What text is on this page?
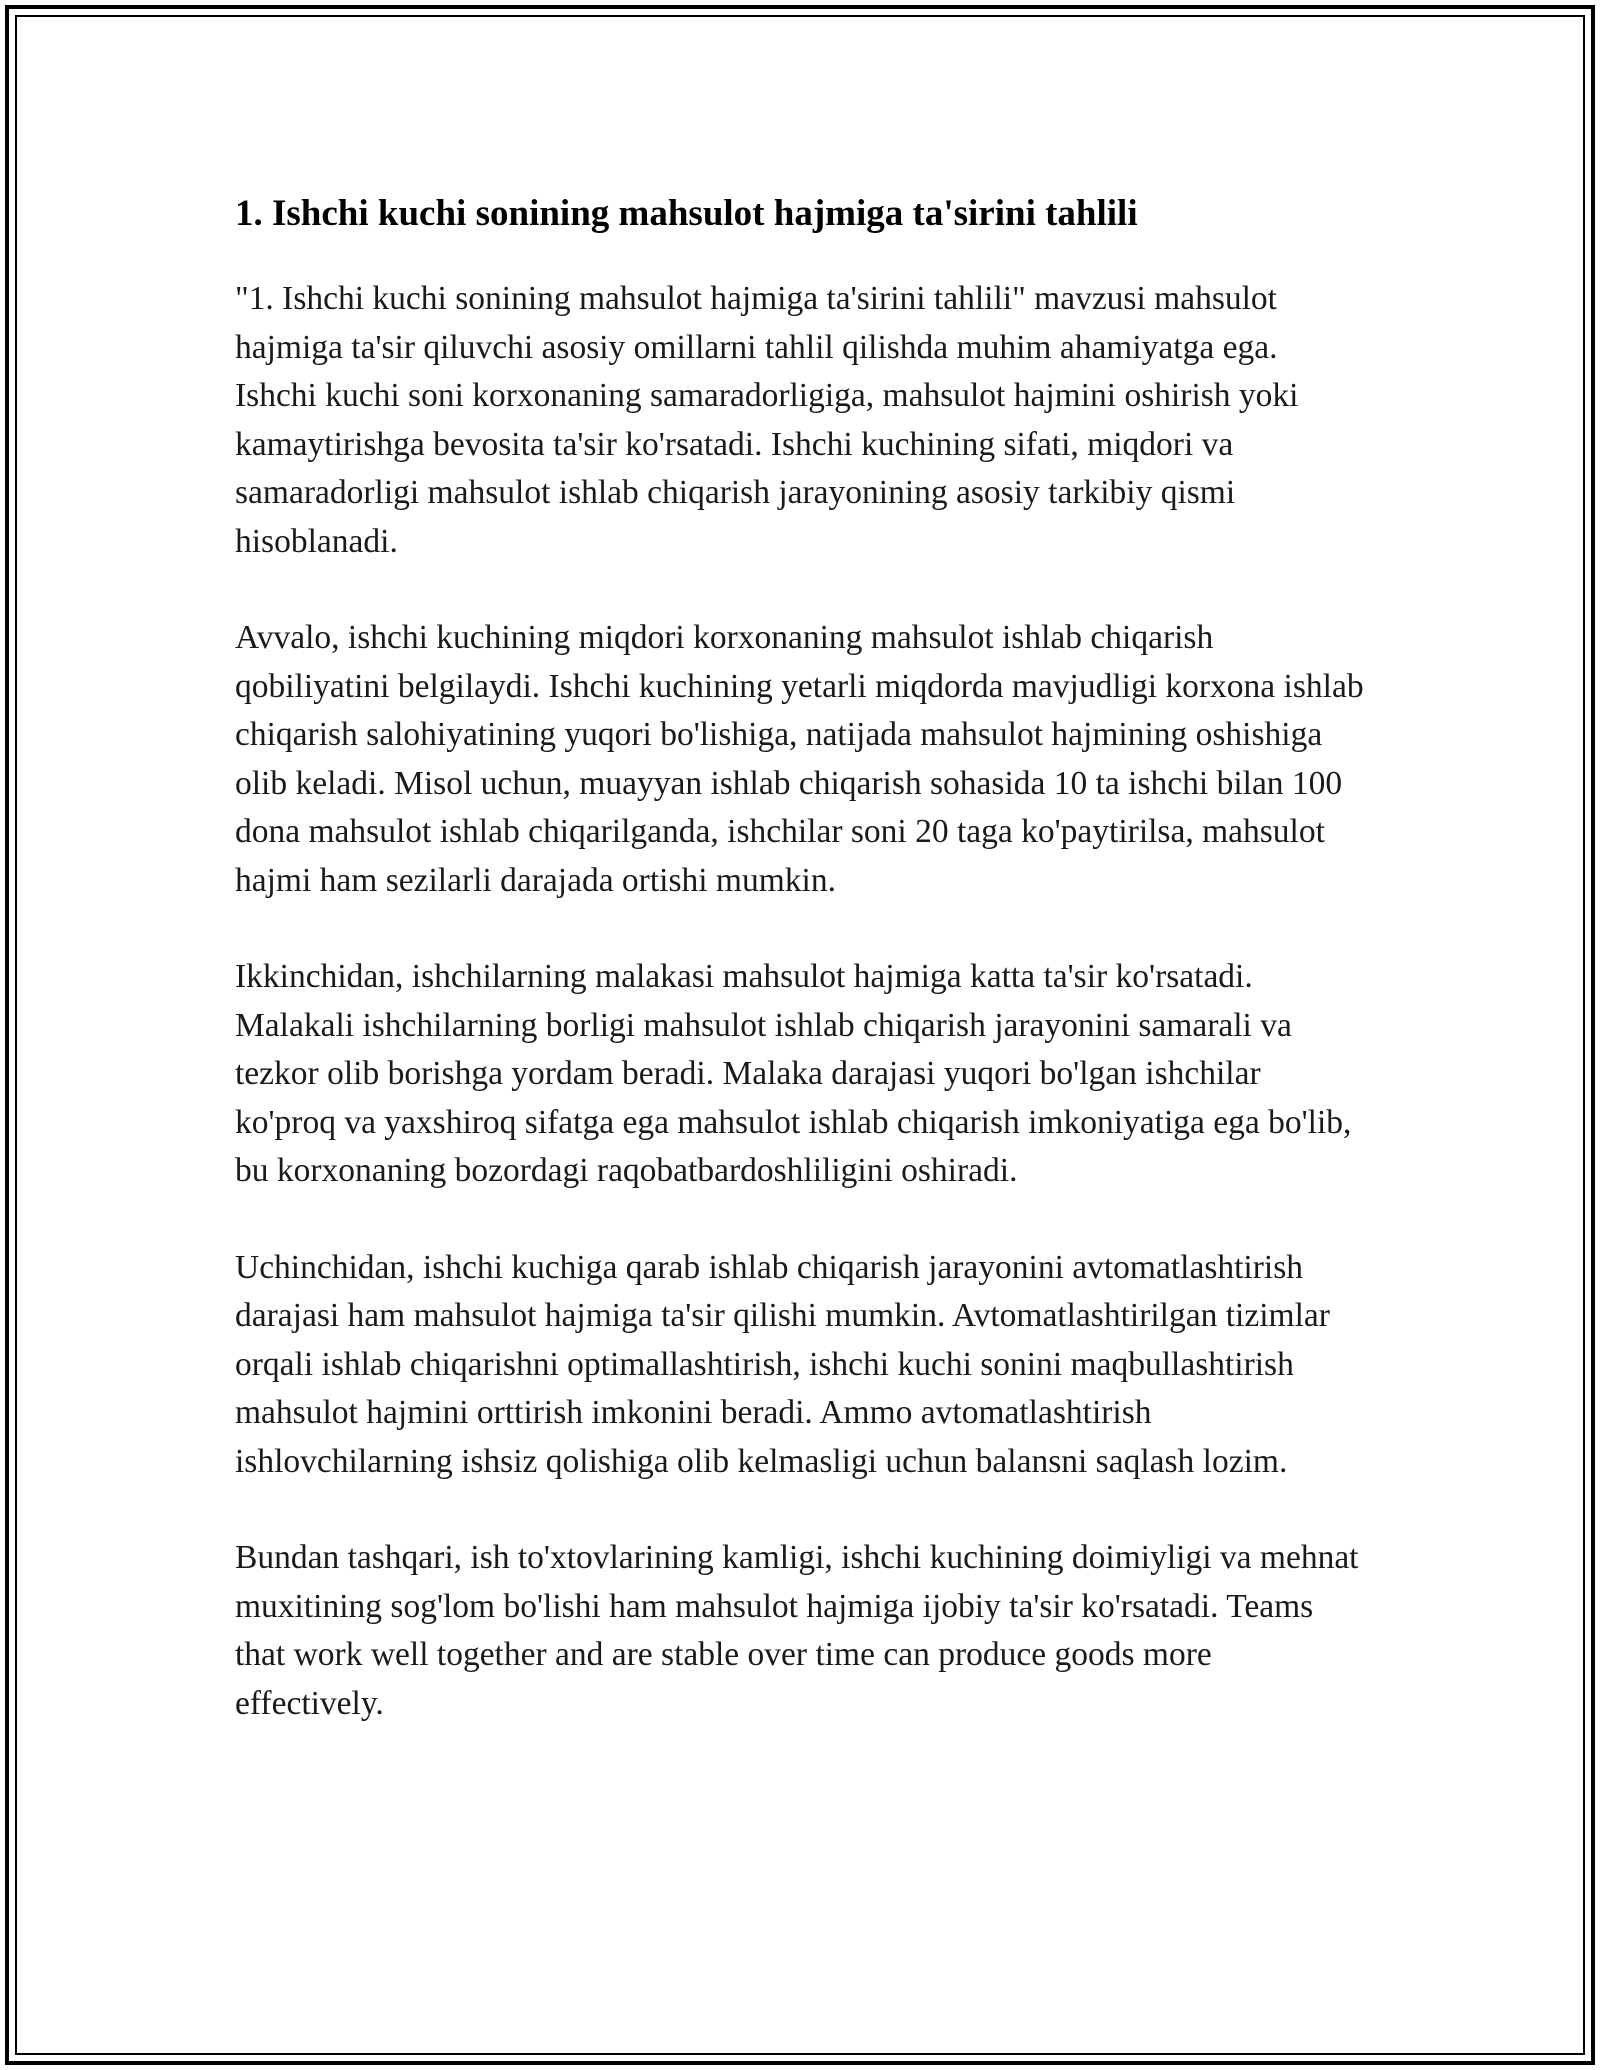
1. Ishchi kuchi sonining mahsulot hajmiga ta'sirini tahlili

"1. Ishchi kuchi sonining mahsulot hajmiga ta'sirini tahlili" mavzusi mahsulot hajmiga ta'sir qiluvchi asosiy omillarni tahlil qilishda muhim ahamiyatga ega. Ishchi kuchi soni korxonaning samaradorligiga, mahsulot hajmini oshirish yoki kamaytirishga bevosita ta'sir ko'rsatadi. Ishchi kuchining sifati, miqdori va samaradorligi mahsulot ishlab chiqarish jarayonining asosiy tarkibiy qismi hisoblanadi.

Avvalo, ishchi kuchining miqdori korxonaning mahsulot ishlab chiqarish qobiliyatini belgilaydi. Ishchi kuchining yetarli miqdorda mavjudligi korxona ishlab chiqarish salohiyatining yuqori bo'lishiga, natijada mahsulot hajmining oshishiga olib keladi. Misol uchun, muayyan ishlab chiqarish sohasida 10 ta ishchi bilan 100 dona mahsulot ishlab chiqarilganda, ishchilar soni 20 taga ko'paytirilsa, mahsulot hajmi ham sezilarli darajada ortishi mumkin.

Ikkinchidan, ishchilarning malakasi mahsulot hajmiga katta ta'sir ko'rsatadi. Malakali ishchilarning borligi mahsulot ishlab chiqarish jarayonini samarali va tezkor olib borishga yordam beradi. Malaka darajasi yuqori bo'lgan ishchilar ko'proq va yaxshiroq sifatga ega mahsulot ishlab chiqarish imkoniyatiga ega bo'lib, bu korxonaning bozordagi raqobatbardoshliligini oshiradi.

Uchinchidan, ishchi kuchiga qarab ishlab chiqarish jarayonini avtomatlashtirish darajasi ham mahsulot hajmiga ta'sir qilishi mumkin. Avtomatlashtirilgan tizimlar orqali ishlab chiqarishni optimallashtirish, ishchi kuchi sonini maqbullashtirish mahsulot hajmini orttirish imkonini beradi. Ammo avtomatlashtirish ishlovchilarning ishsiz qolishiga olib kelmasligi uchun balansni saqlash lozim.

Bundan tashqari, ish to'xtovlarining kamligi, ishchi kuchining doimiyligi va mehnat muxitining sog'lom bo'lishi ham mahsulot hajmiga ijobiy ta'sir ko'rsatadi. Teams that work well together and are stable over time can produce goods more effectively.
